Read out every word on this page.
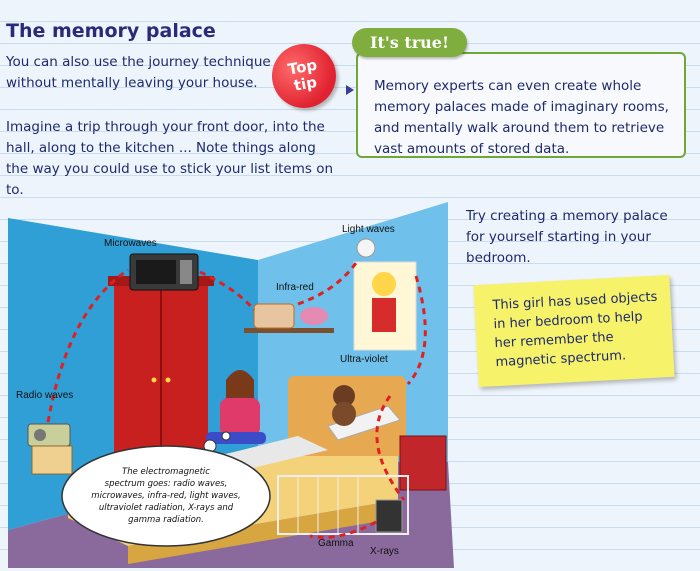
The memory palace

You can also use the journey technique without mentally leaving your house.

Imagine a trip through your front door, into the hall, along to the kitchen ... Note things along the way you could use to stick your list items on to.

Top
tip
It's true!

Memory experts can even create whole memory palaces made of imaginary rooms, and mentally walk around them to retrieve vast amounts of stored data.

Try creating a memory palace for yourself starting in your bedroom.

This girl has used objects in her bedroom to help her remember the magnetic spectrum.

Microwaves
Infra-red
Light waves
Ultra-violet
Radio waves
Gamma
X-rays
The electromagnetic
spectrum goes: radio waves,
microwaves, infra-red, light waves,
ultraviolet radiation, X-rays and
gamma radiation.
